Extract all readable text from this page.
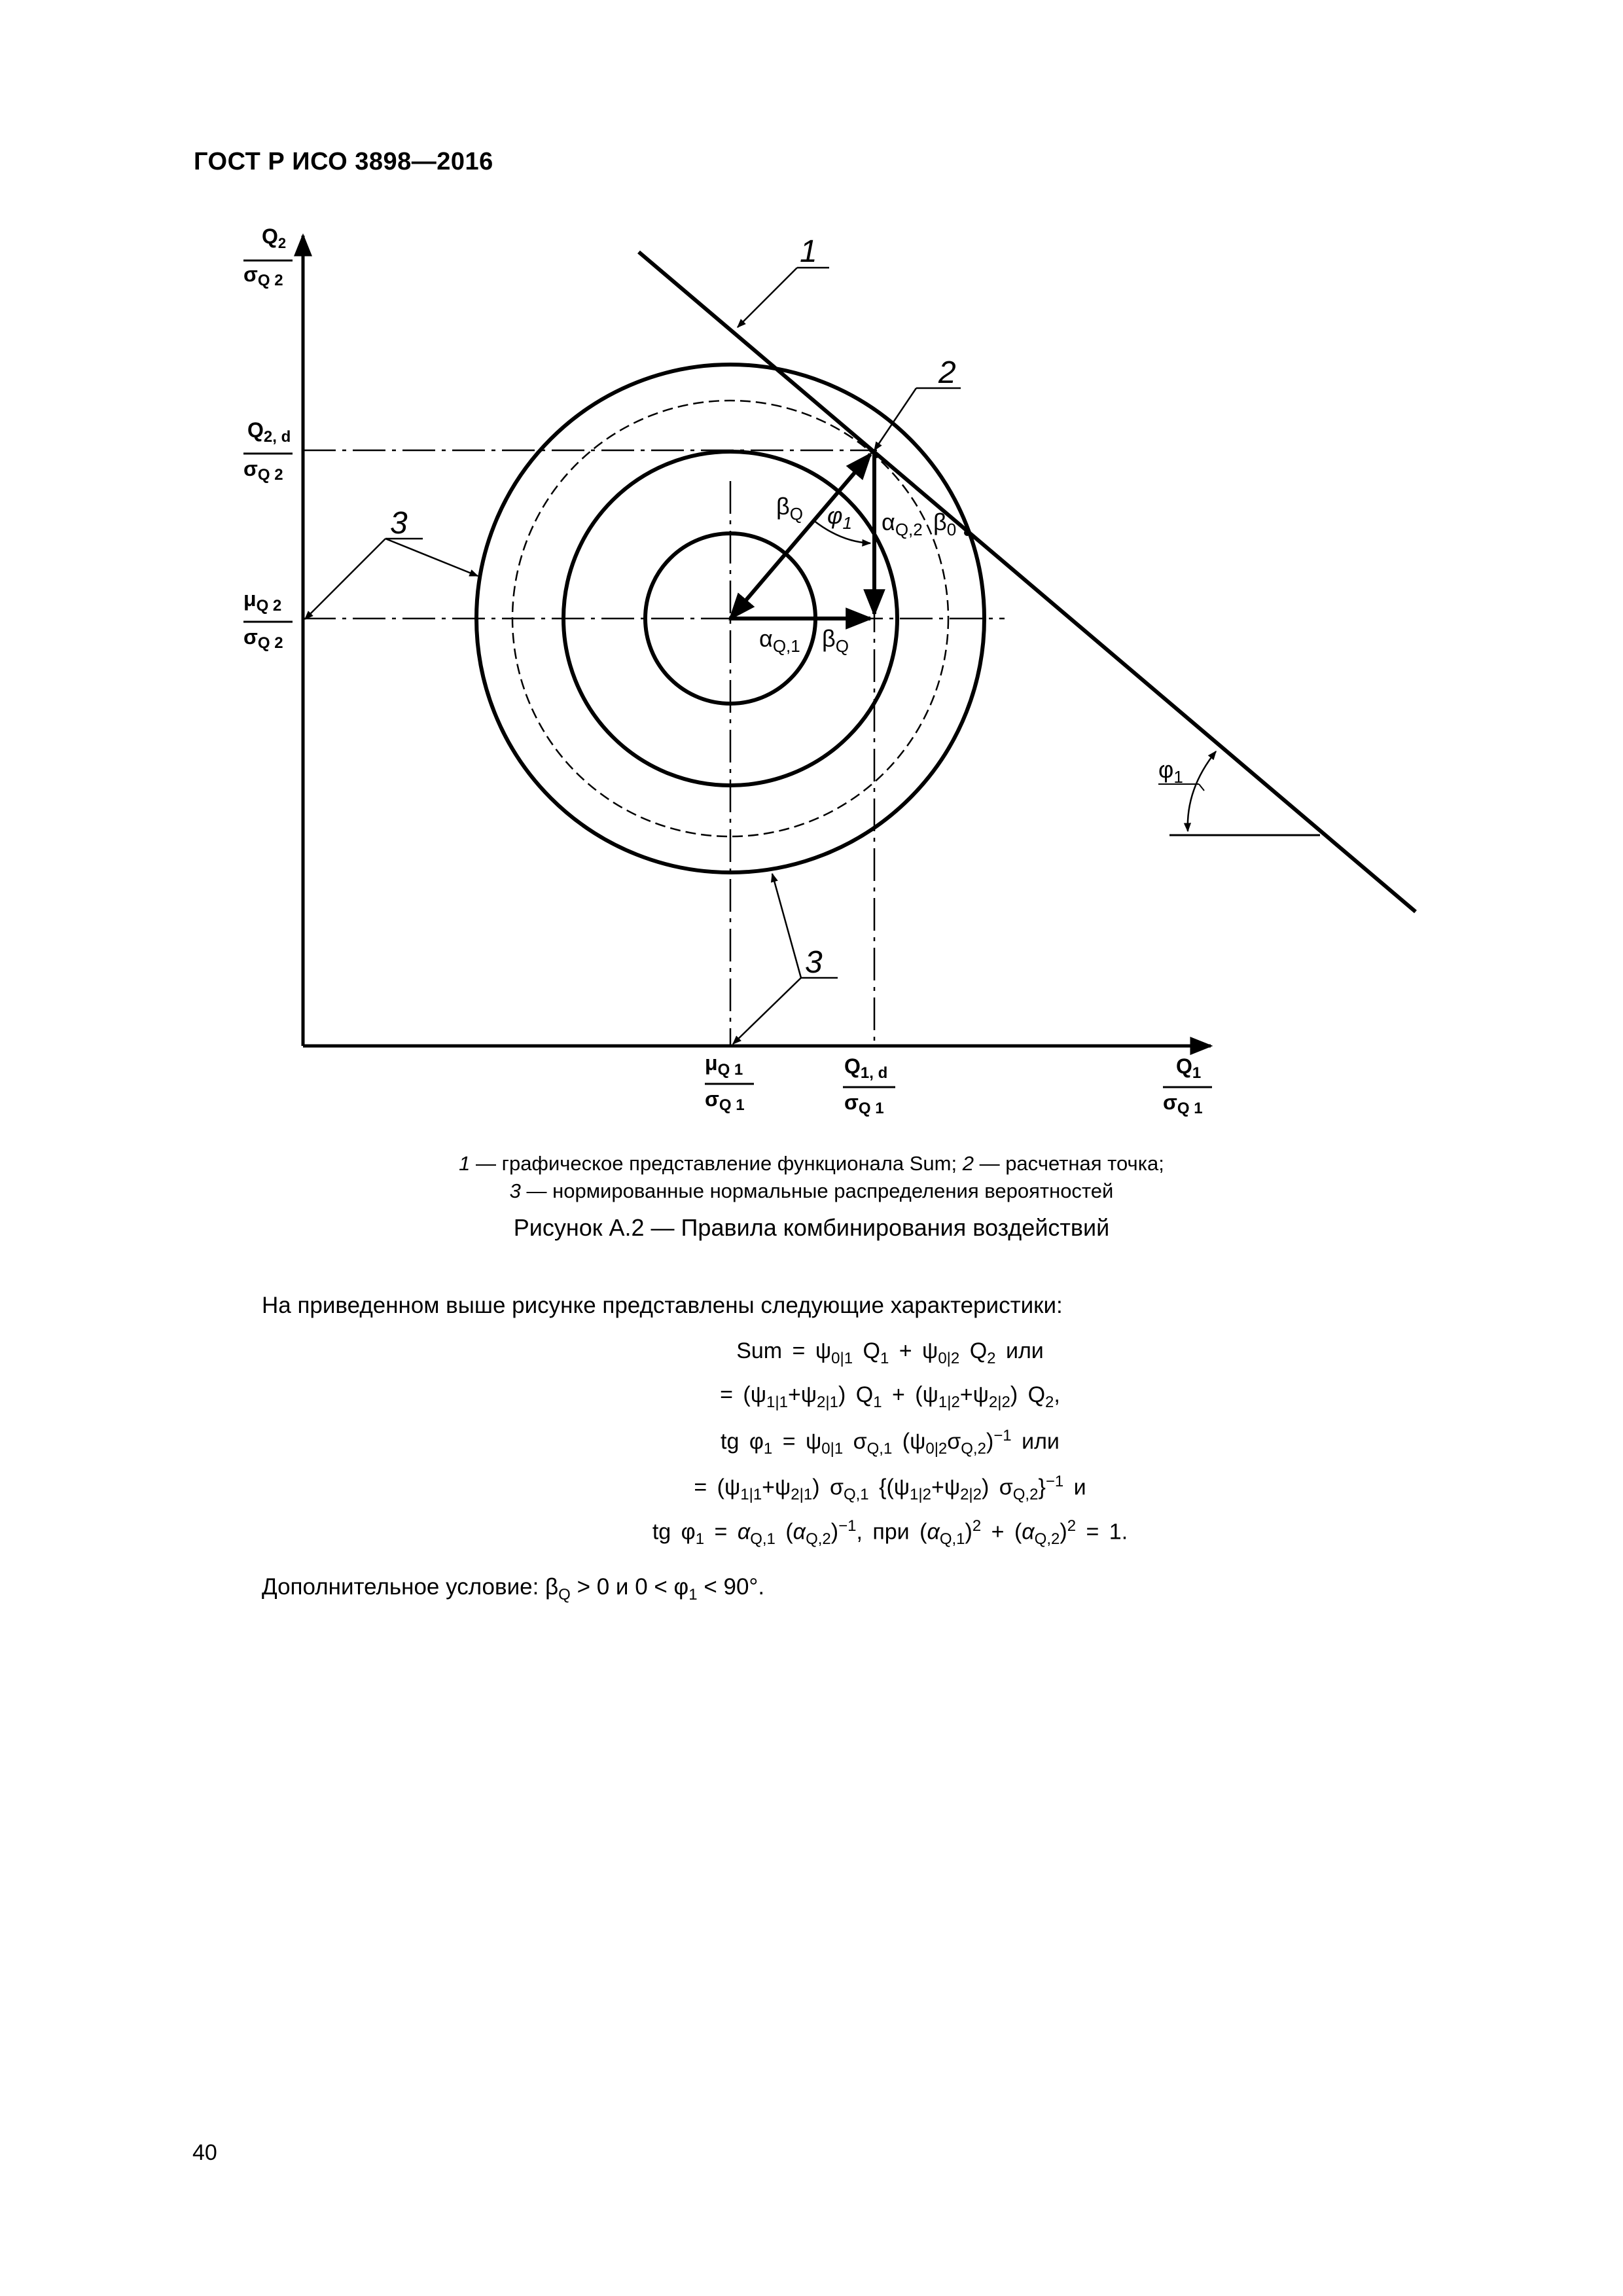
ГОСТ Р ИСО 3898—2016
1
2
3
3
$Q_2$
σQ 2
$Q_{2, d}$
σQ 2
$\mu_{Q 2}$
σQ 2
$\mu_{Q 1}$
σQ 1
$Q_{1, d}$
σQ 1
$Q_1$
σQ 1
$\beta_Q$ $\varphi_1$ $\alpha_{Q,2}$ $\beta_0$
$\alpha_{Q,1}$ $\beta_Q$
$\varphi_1$
1 — графическое представление функционала Sum; 2 — расчетная точка;
3 — нормированные нормальные распределения вероятностей
Рисунок А.2 — Правила комбинирования воздействий
На приведенном выше рисунке представлены следующие характеристики:
Sum = $\psi_{0|1}$ $Q_1 + \psi_{0|2}$ $Q_2$ или
= $(\psi_{1|1}+\psi_{2|1}) Q_1 + (\psi_{1|2}+\psi_{2|2})$ $Q_2$,
tg $\varphi_1 = \psi_{0|1}$ $\sigma_{Q,1}$ $(\psi_{0|2}\sigma_{Q,2})^{-1}$ или
= $(\psi_{1|1}+\psi_{2|1})$ $\sigma_{Q,1}$ {$(\psi_{1|2}+\psi_{2|2})$ $\sigma_{Q,2}\}^{-1}$ и
tg $\varphi_1 = \alpha_{Q,1}$ $(\alpha_{Q,2})^{-1}$, при $(\alpha_{Q,1})^2 + (\alpha_{Q,2})^2 = 1$.
Дополнительное условие: $\beta_Q > 0$ и $0 < \varphi_1 < 90^\circ$.
40
